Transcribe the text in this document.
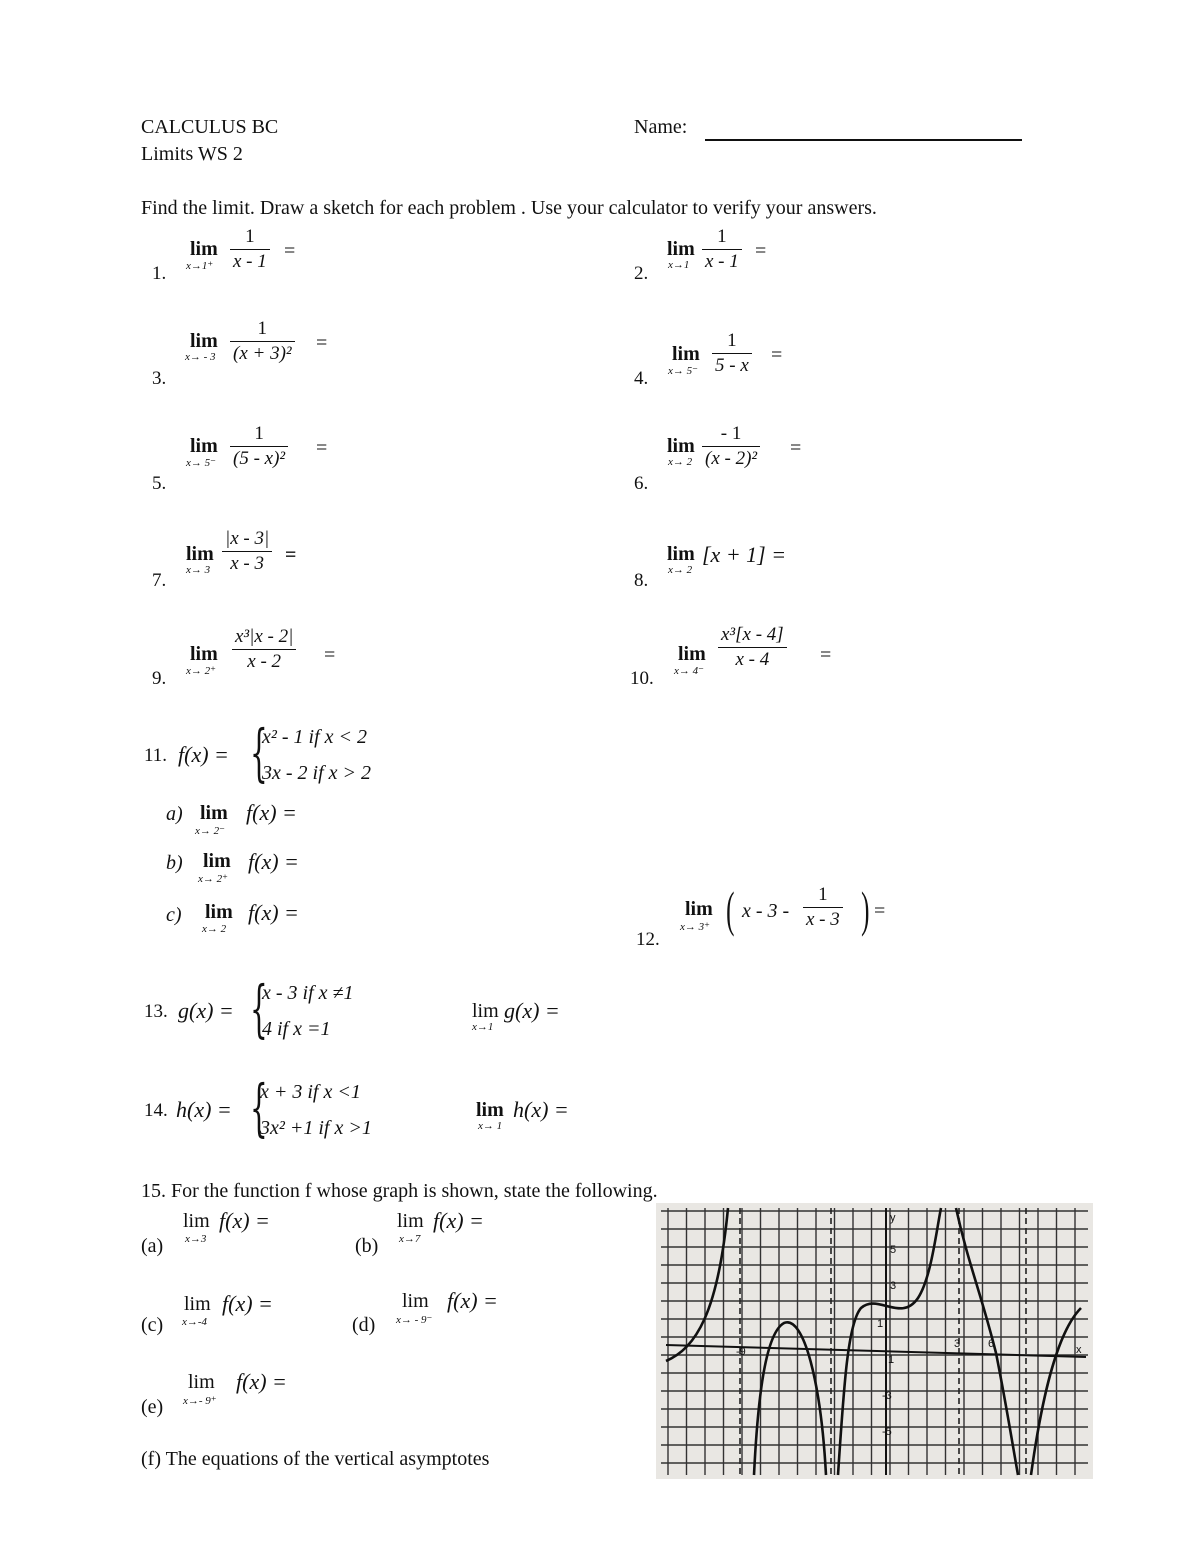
CALCULUS BC
Limits WS 2
Name:
Find the limit. Draw a sketch for each problem . Use your calculator to verify your answers.
1.
lim
$x\to 1^+ \frac{1}{x - 1}$ =
2.
lim
$x\to 1 \frac{1}{x - 1}$ =
3.
lim
$x\to - 3 \frac{1}{\text{(x + 3)²}}$ =
4.
lim
$x\to 5^- \frac{1}{5 - x}$ =
5.
lim
$x\to 5^- \frac{1}{\text{(5 - x)²}}$ =
6.
lim
$x\to 2 \frac{- 1}{\text{(x - 2)²}}$ =
7.
lim
$x\to 3 \frac{|x - 3|}{x - 3}$ =
8.
lim
x→ 2
[x + 1] =
9.
lim
$x\to 2^+ \frac{\text{x³|x - 2|}}{x - 2}$ =
10.
lim
$x\to 4^- \frac{\text{x³[x - 4]}}{x - 4}$ =
11. f(x) = {
x² - 1 if x < 2
3x - 2 if x > 2
a) lim
x→ 2⁻
f(x) =
b) lim
x→ 2⁺
f(x) =
c) lim
x→ 2
f(x) =
12.
lim
x→ 3⁺ ( x - $3 - \frac{1}{x - 3}$ ) =
13. g(x) = {
x - 3 if x ≠1
4 if x =1
lim
x→1
g(x) =
14. h(x) = {
x + 3 if x <1
3x² +1 if x >1
lim
x→ 1
h(x) =
15. For the function f whose graph is shown, state the following.
(a)
lim
x→3
f(x) =
(b)
lim
x→7
f(x) =
(c)
lim
x→-4
f(x) =
(d)
lim
x→ - 9⁻
f(x) =
(e)
lim
x→- 9⁺
f(x) =
(f) The equations of the vertical asymptotes
x
y
-9
1
3	6
5
3
1
-3
-5
